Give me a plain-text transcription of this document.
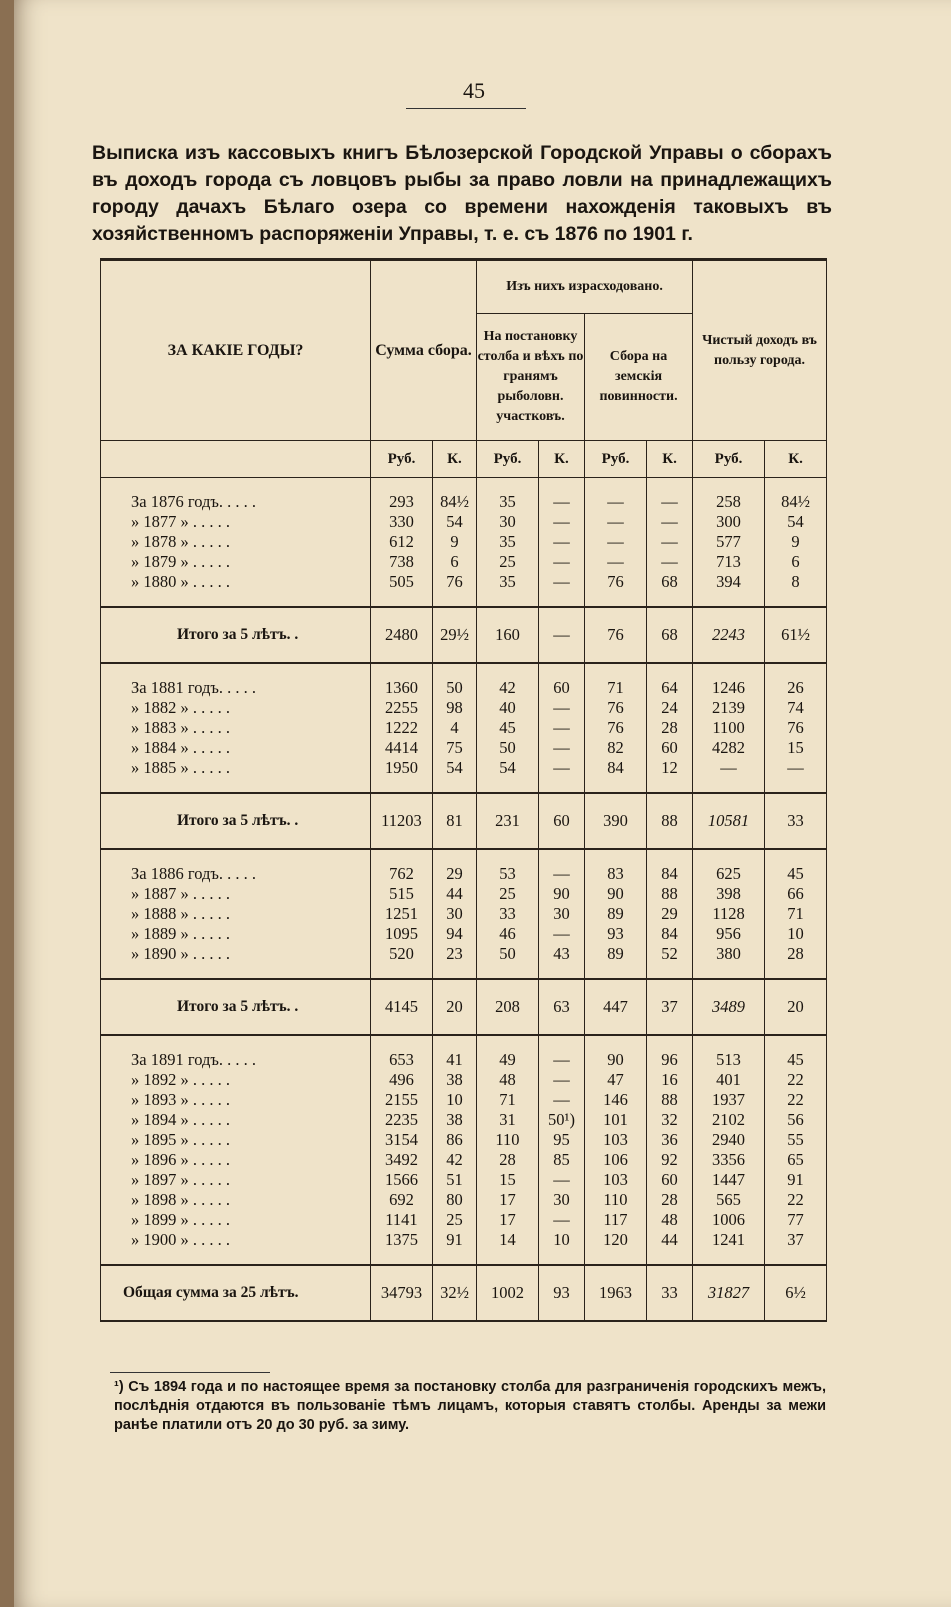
45
Выписка изъ кассовыхъ книгъ Бѣлозерской Городской Управы о сборахъ въ доходъ города съ ловцовъ рыбы за право ловли на принадлежащихъ городу дачахъ Бѣлаго озера со времени нахожденія таковыхъ въ хозяйственномъ распоряженіи Управы, т. е. съ 1876 по 1901 г.
ЗА КАКІЕ ГОДЫ?	Сумма сбора.		Изъ нихъ израсходовано.				Чистый доходъ въ пользу города.	
			На постановку столба и вѣхъ по гранямъ рыболовн. участковъ.		Сбора на земскія повинности.			
	Руб.	К.	Руб.	К.	Руб.	К.	Руб.	К.

За 1876 годъ. . . . .	293	84½	35	—	—	—	258	84½
» 1877 » . . . . .	330	54	30	—	—	—	300	54
» 1878 » . . . . .	612	9	35	—	—	—	577	9
» 1879 » . . . . .	738	6	25	—	—	—	713	6
» 1880 » . . . . .	505	76	35	—	76	68	394	8

Итого за 5 лѣтъ. .	2480	29½	160	—	76	68	2243	61½

За 1881 годъ. . . . .	1360	50	42	60	71	64	1246	26
» 1882 » . . . . .	2255	98	40	—	76	24	2139	74
» 1883 » . . . . .	1222	4	45	—	76	28	1100	76
» 1884 » . . . . .	4414	75	50	—	82	60	4282	15
» 1885 » . . . . .	1950	54	54	—	84	12	—	—

Итого за 5 лѣтъ. .	11203	81	231	60	390	88	10581	33

За 1886 годъ. . . . .	762	29	53	—	83	84	625	45
» 1887 » . . . . .	515	44	25	90	90	88	398	66
» 1888 » . . . . .	1251	30	33	30	89	29	1128	71
» 1889 » . . . . .	1095	94	46	—	93	84	956	10
» 1890 » . . . . .	520	23	50	43	89	52	380	28

Итого за 5 лѣтъ. .	4145	20	208	63	447	37	3489	20

За 1891 годъ. . . . .	653	41	49	—	90	96	513	45
» 1892 » . . . . .	496	38	48	—	47	16	401	22
» 1893 » . . . . .	2155	10	71	—	146	88	1937	22
» 1894 » . . . . .	2235	38	31	50¹)	101	32	2102	56
» 1895 » . . . . .	3154	86	110	95	103	36	2940	55
» 1896 » . . . . .	3492	42	28	85	106	92	3356	65
» 1897 » . . . . .	1566	51	15	—	103	60	1447	91
» 1898 » . . . . .	692	80	17	30	110	28	565	22
» 1899 » . . . . .	1141	25	17	—	117	48	1006	77
» 1900 » . . . . .	1375	91	14	10	120	44	1241	37

Общая сумма за 25 лѣтъ.	34793	32½	1002	93	1963	33	31827	6½
¹) Съ 1894 года и по настоящее время за постановку столба для разграниченія городскихъ межъ, послѣднія отдаются въ пользованіе тѣмъ лицамъ, которыя ставятъ столбы. Аренды за межи ранѣе платили отъ 20 до 30 руб. за зиму.
